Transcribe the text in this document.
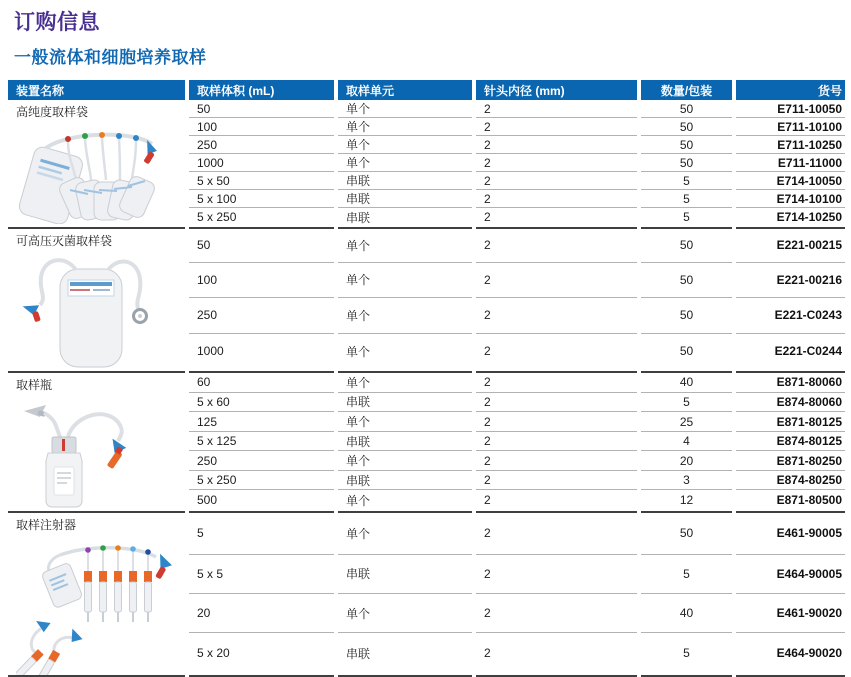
订购信息
一般流体和细胞培养取样
装置名称	取样体积 (mL)	取样单元	针头内径 (mm)	数量/包装	货号

高纯度取样袋	50	单个	2	50	E711-10050
	100	单个	2	50	E711-10100
	250	单个	2	50	E711-10250
	1000	单个	2	50	E711-11000
	5 x 50	串联	2	5	E714-10050
	5 x 100	串联	2	5	E714-10100
	5 x 250	串联	2	5	E714-10250

可高压灭菌取样袋	50	单个	2	50	E221-00215
	100	单个	2	50	E221-00216
	250	单个	2	50	E221-C0243
	1000	单个	2	50	E221-C0244

取样瓶	60	单个	2	40	E871-80060
	5 x 60	串联	2	5	E874-80060
	125	单个	2	25	E871-80125
	5 x 125	串联	2	4	E874-80125
	250	单个	2	20	E871-80250
	5 x 250	串联	2	3	E874-80250
	500	单个	2	12	E871-80500

取样注射器	5	单个	2	50	E461-90005
	5 x 5	串联	2	5	E464-90005
	20	单个	2	40	E461-90020
	5 x 20	串联	2	5	E464-90020
